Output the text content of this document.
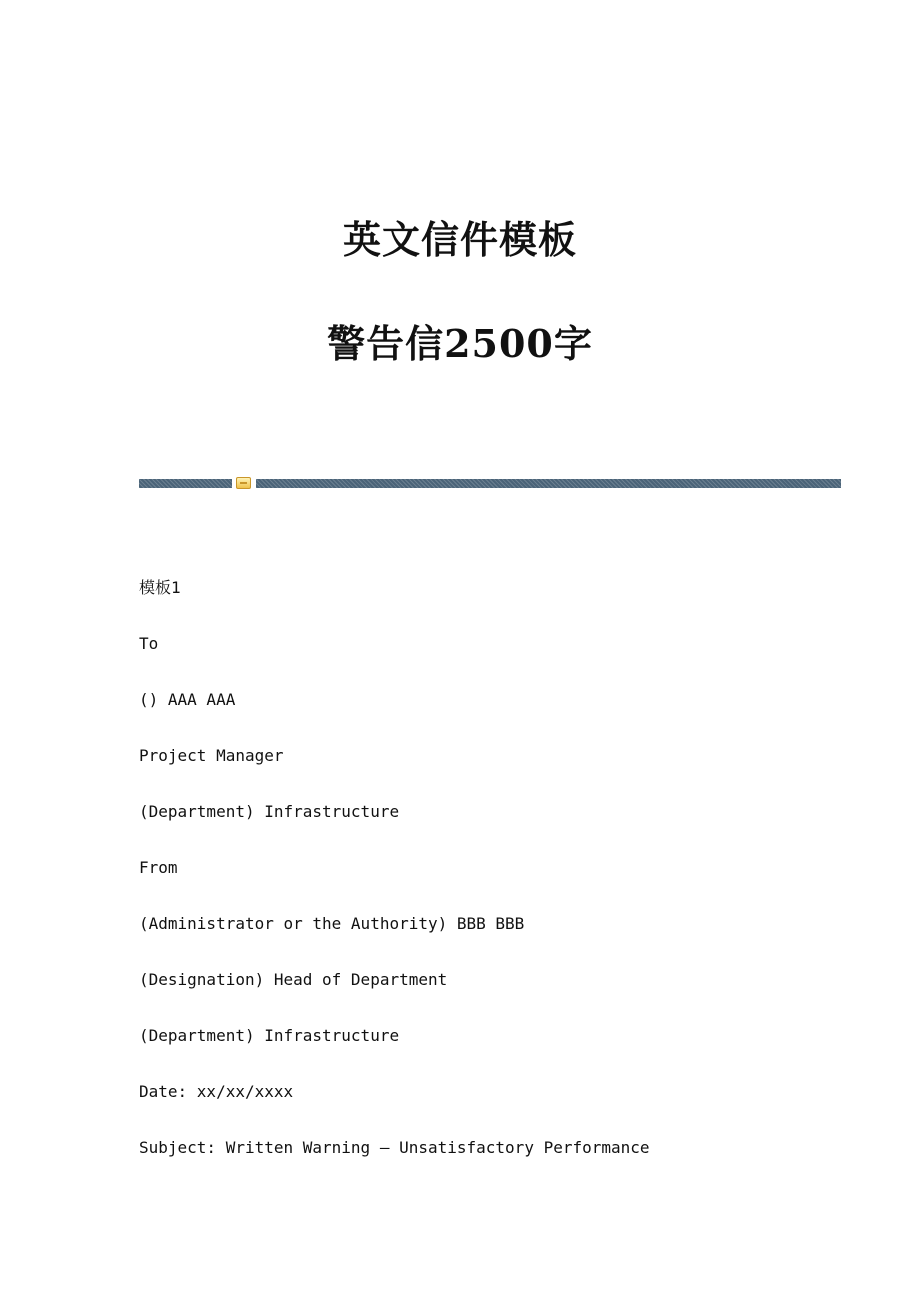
英文信件模板
警告信2500字

模板1

To

() AAA AAA

Project Manager

(Department) Infrastructure

From

(Administrator or the Authority) BBB BBB

(Designation) Head of Department

(Department) Infrastructure

Date: xx/xx/xxxx

Subject: Written Warning – Unsatisfactory Performance
